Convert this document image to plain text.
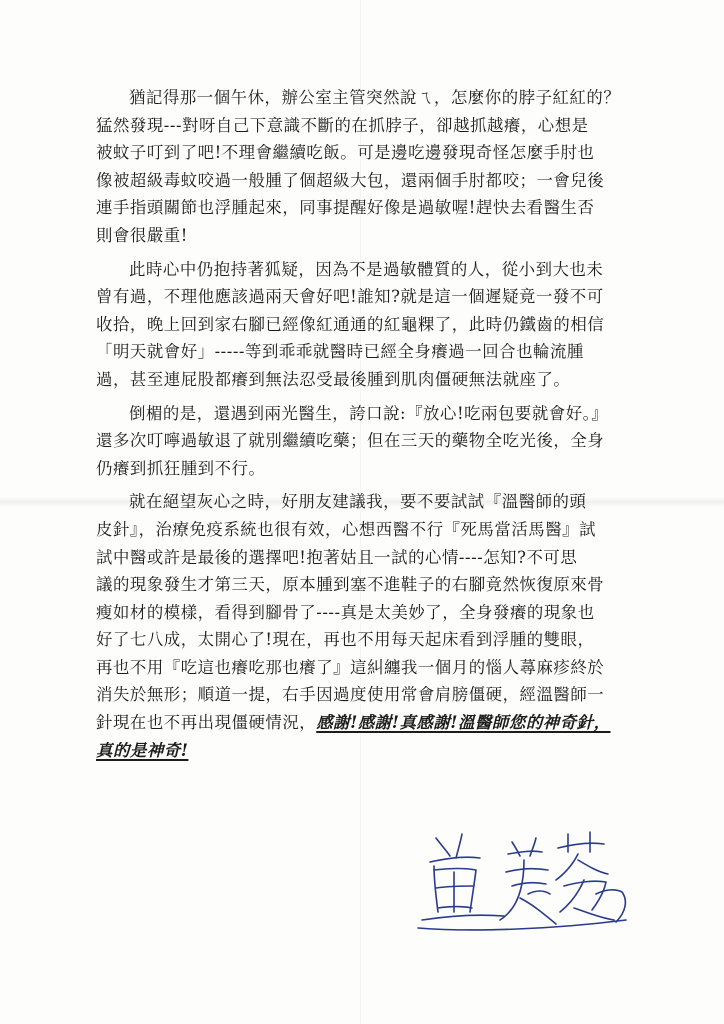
猶記得那一個午休，辦公室主管突然說ㄟ，怎麼你的脖子紅紅的？
猛然發現---對呀自己下意識不斷的在抓脖子，卻越抓越癢，心想是
被蚊子叮到了吧!不理會繼續吃飯。可是邊吃邊發現奇怪怎麼手肘也
像被超級毒蚊咬過一般腫了個超級大包，還兩個手肘都咬；一會兒後
連手指頭關節也浮腫起來，同事提醒好像是過敏喔!趕快去看醫生否
則會很嚴重!
此時心中仍抱持著狐疑，因為不是過敏體質的人，從小到大也未
曾有過，不理他應該過兩天會好吧!誰知?就是這一個遲疑竟一發不可
收拾，晚上回到家右腳已經像紅通通的紅龜粿了，此時仍鐵齒的相信
「明天就會好」-----等到乖乖就醫時已經全身癢過一回合也輪流腫
過，甚至連屁股都癢到無法忍受最後腫到肌肉僵硬無法就座了。
倒楣的是，還遇到兩光醫生，誇口說:『放心!吃兩包要就會好。』
還多次叮嚀過敏退了就別繼續吃藥；但在三天的藥物全吃光後，全身
仍癢到抓狂腫到不行。
就在絕望灰心之時，好朋友建議我，要不要試試『溫醫師的頭
皮針』，治療免疫系統也很有效，心想西醫不行『死馬當活馬醫』試
試中醫或許是最後的選擇吧!抱著姑且一試的心情----怎知?不可思
議的現象發生才第三天，原本腫到塞不進鞋子的右腳竟然恢復原來骨
瘦如材的模樣，看得到腳骨了----真是太美妙了，全身發癢的現象也
好了七八成，太開心了!現在，再也不用每天起床看到浮腫的雙眼，
再也不用『吃這也癢吃那也癢了』這糾纏我一個月的惱人蕁麻疹終於
消失於無形；順道一提，右手因過度使用常會肩膀僵硬，經溫醫師一
針現在也不再出現僵硬情況，感謝!感謝!真感謝!溫醫師您的神奇針，
真的是神奇!
